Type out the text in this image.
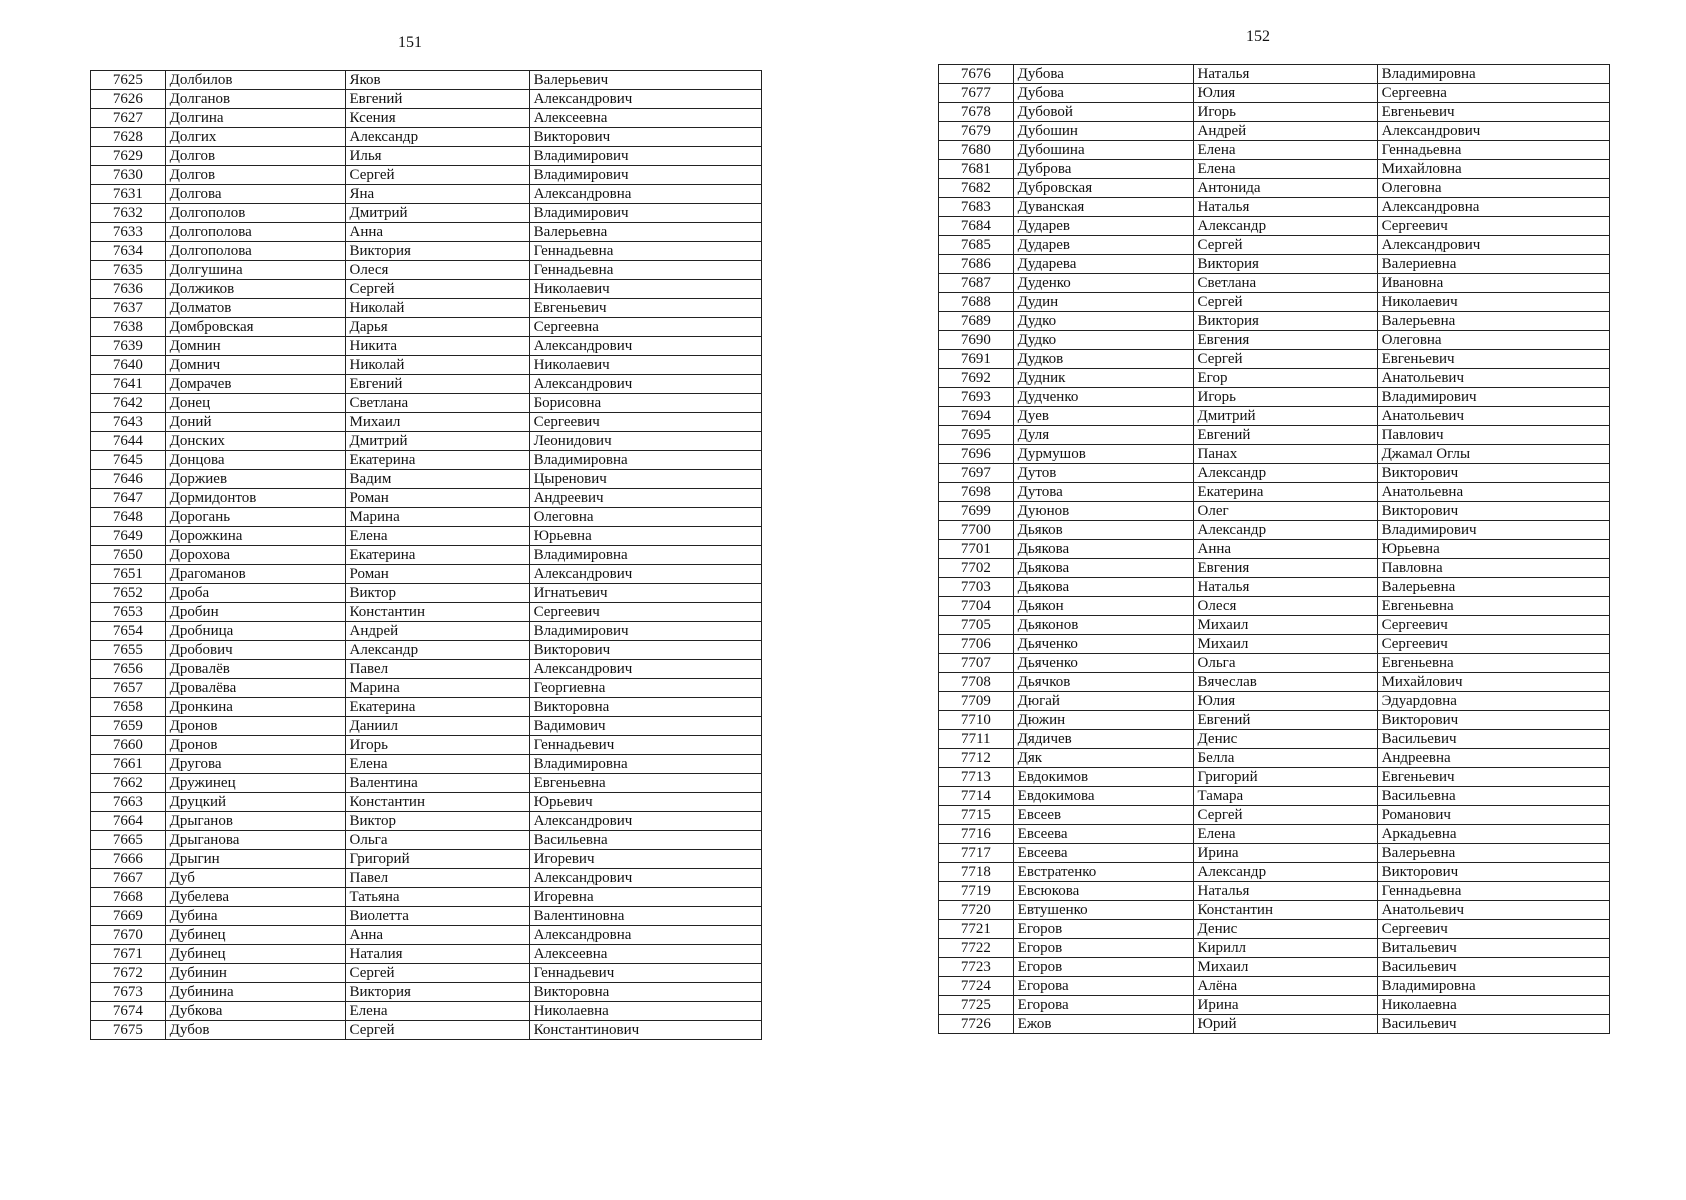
151
7625	Долбилов	Яков	Валерьевич
7626	Долганов	Евгений	Александрович
7627	Долгина	Ксения	Алексеевна
7628	Долгих	Александр	Викторович
7629	Долгов	Илья	Владимирович
7630	Долгов	Сергей	Владимирович
7631	Долгова	Яна	Александровна
7632	Долгополов	Дмитрий	Владимирович
7633	Долгополова	Анна	Валерьевна
7634	Долгополова	Виктория	Геннадьевна
7635	Долгушина	Олеся	Геннадьевна
7636	Должиков	Сергей	Николаевич
7637	Долматов	Николай	Евгеньевич
7638	Домбровская	Дарья	Сергеевна
7639	Домнин	Никита	Александрович
7640	Домнич	Николай	Николаевич
7641	Домрачев	Евгений	Александрович
7642	Донец	Светлана	Борисовна
7643	Доний	Михаил	Сергеевич
7644	Донских	Дмитрий	Леонидович
7645	Донцова	Екатерина	Владимировна
7646	Доржиев	Вадим	Цыренович
7647	Дормидонтов	Роман	Андреевич
7648	Дорогань	Марина	Олеговна
7649	Дорожкина	Елена	Юрьевна
7650	Дорохова	Екатерина	Владимировна
7651	Драгоманов	Роман	Александрович
7652	Дроба	Виктор	Игнатьевич
7653	Дробин	Константин	Сергеевич
7654	Дробница	Андрей	Владимирович
7655	Дробович	Александр	Викторович
7656	Дровалёв	Павел	Александрович
7657	Дровалёва	Марина	Георгиевна
7658	Дронкина	Екатерина	Викторовна
7659	Дронов	Даниил	Вадимович
7660	Дронов	Игорь	Геннадьевич
7661	Другова	Елена	Владимировна
7662	Дружинец	Валентина	Евгеньевна
7663	Друцкий	Константин	Юрьевич
7664	Дрыганов	Виктор	Александрович
7665	Дрыганова	Ольга	Васильевна
7666	Дрыгин	Григорий	Игоревич
7667	Дуб	Павел	Александрович
7668	Дубелева	Татьяна	Игоревна
7669	Дубина	Виолетта	Валентиновна
7670	Дубинец	Анна	Александровна
7671	Дубинец	Наталия	Алексеевна
7672	Дубинин	Сергей	Геннадьевич
7673	Дубинина	Виктория	Викторовна
7674	Дубкова	Елена	Николаевна
7675	Дубов	Сергей	Константинович
152
7676	Дубова	Наталья	Владимировна
7677	Дубова	Юлия	Сергеевна
7678	Дубовой	Игорь	Евгеньевич
7679	Дубошин	Андрей	Александрович
7680	Дубошина	Елена	Геннадьевна
7681	Дуброва	Елена	Михайловна
7682	Дубровская	Антонида	Олеговна
7683	Дуванская	Наталья	Александровна
7684	Дударев	Александр	Сергеевич
7685	Дударев	Сергей	Александрович
7686	Дударева	Виктория	Валериевна
7687	Дуденко	Светлана	Ивановна
7688	Дудин	Сергей	Николаевич
7689	Дудко	Виктория	Валерьевна
7690	Дудко	Евгения	Олеговна
7691	Дудков	Сергей	Евгеньевич
7692	Дудник	Егор	Анатольевич
7693	Дудченко	Игорь	Владимирович
7694	Дуев	Дмитрий	Анатольевич
7695	Дуля	Евгений	Павлович
7696	Дурмушов	Панах	Джамал Оглы
7697	Дутов	Александр	Викторович
7698	Дутова	Екатерина	Анатольевна
7699	Дуюнов	Олег	Викторович
7700	Дьяков	Александр	Владимирович
7701	Дьякова	Анна	Юрьевна
7702	Дьякова	Евгения	Павловна
7703	Дьякова	Наталья	Валерьевна
7704	Дьякон	Олеся	Евгеньевна
7705	Дьяконов	Михаил	Сергеевич
7706	Дьяченко	Михаил	Сергеевич
7707	Дьяченко	Ольга	Евгеньевна
7708	Дьячков	Вячеслав	Михайлович
7709	Дюгай	Юлия	Эдуардовна
7710	Дюжин	Евгений	Викторович
7711	Дядичев	Денис	Васильевич
7712	Дяк	Белла	Андреевна
7713	Евдокимов	Григорий	Евгеньевич
7714	Евдокимова	Тамара	Васильевна
7715	Евсеев	Сергей	Романович
7716	Евсеева	Елена	Аркадьевна
7717	Евсеева	Ирина	Валерьевна
7718	Евстратенко	Александр	Викторович
7719	Евсюкова	Наталья	Геннадьевна
7720	Евтушенко	Константин	Анатольевич
7721	Егоров	Денис	Сергеевич
7722	Егоров	Кирилл	Витальевич
7723	Егоров	Михаил	Васильевич
7724	Егорова	Алёна	Владимировна
7725	Егорова	Ирина	Николаевна
7726	Ежов	Юрий	Васильевич
